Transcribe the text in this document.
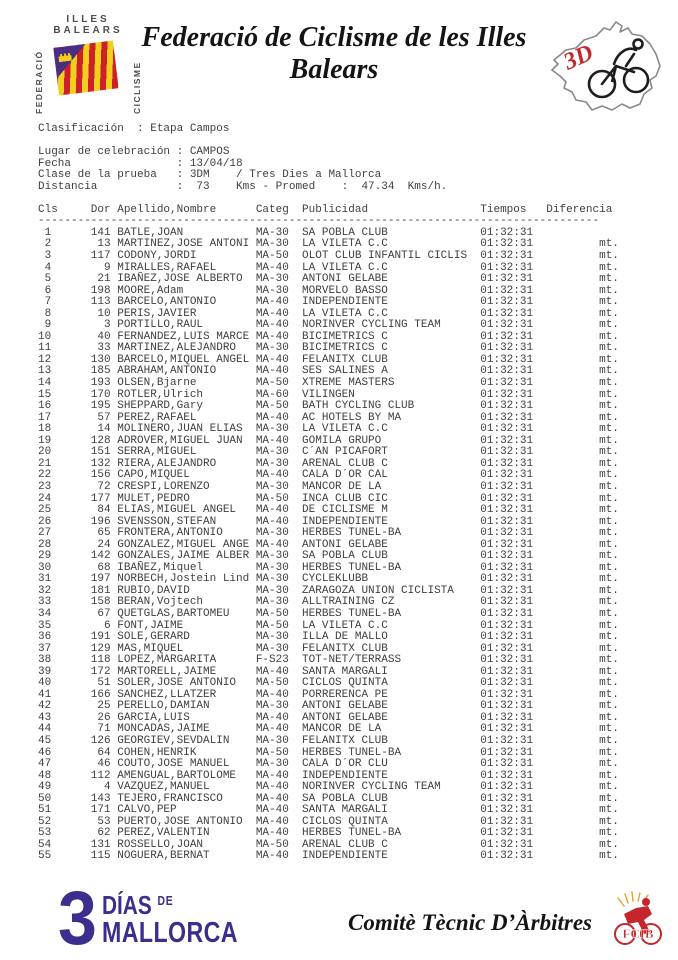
ILLES
BALEARS
FEDERACIÓ	CICLISME
Federació de Ciclisme de les Illes
Balears	3D
Clasificación  : Etapa Campos

Lugar de celebración : CAMPOS
Fecha                : 13/04/18
Clase de la prueba   : 3DM    / Tres Dies a Mallorca
Distancia            :  73    Kms - Promed    :  47.34  Kms/h.

Cls     Dor Apellido,Nombre      Categ  Publicidad                 Tiempos   Diferencia
-------------------------------------------------------------------------------------
1      141 BATLE,JOAN           MA-30  SA POBLA CLUB              01:32:31
2       13 MARTINEZ,JOSE ANTONI MA-30  LA VILETA C.C              01:32:31          mt.
3      117 CODONY,JORDI         MA-50  OLOT CLUB INFANTIL CICLIS  01:32:31          mt.
4        9 MIRALLES,RAFAEL      MA-40  LA VILETA C.C              01:32:31          mt.
5       21 IBAÑEZ,JOSE ALBERTO  MA-30  ANTONI GELABE              01:32:31          mt.
6      198 MOORE,Adam           MA-30  MORVELO BASSO              01:32:31          mt.
7      113 BARCELO,ANTONIO      MA-40  INDEPENDIENTE              01:32:31          mt.
8       10 PERIS,JAVIER         MA-40  LA VILETA C.C              01:32:31          mt.
9        3 PORTILLO,RAUL        MA-40  NORINVER CYCLING TEAM      01:32:31          mt.
10       40 FERNANDEZ,LUIS MARCE MA-40  BICIMETRICS C              01:32:31          mt.
11       33 MARTINEZ,ALEJANDRO   MA-30  BICIMETRICS C              01:32:31          mt.
12      130 BARCELO,MIQUEL ANGEL MA-40  FELANITX CLUB              01:32:31          mt.
13      185 ABRAHAM,ANTONIO      MA-40  SES SALINES A              01:32:31          mt.
14      193 OLSEN,Bjarne         MA-50  XTREME MASTERS             01:32:31          mt.
15      170 ROTLER,Ulrich        MA-60  VILINGEN                   01:32:31          mt.
16      195 SHEPPARD,Gary        MA-50  BATH CYCLING CLUB          01:32:31          mt.
17       57 PEREZ,RAFAEL         MA-40  AC HOTELS BY MA            01:32:31          mt.
18       14 MOLINERO,JUAN ELIAS  MA-30  LA VILETA C.C              01:32:31          mt.
19      128 ADROVER,MIGUEL JUAN  MA-40  GOMILA GRUPO               01:32:31          mt.
20      151 SERRA,MIGUEL         MA-30  C´AN PICAFORT              01:32:31          mt.
21      132 RIERA,ALEJANDRO      MA-30  ARENAL CLUB C              01:32:31          mt.
22      156 CAPO,MIQUEL          MA-40  CALA D´OR CAL              01:32:31          mt.
23       72 CRESPI,LORENZO       MA-30  MANCOR DE LA               01:32:31          mt.
24      177 MULET,PEDRO          MA-50  INCA CLUB CIC              01:32:31          mt.
25       84 ELIAS,MIGUEL ANGEL   MA-40  DE CICLISME M              01:32:31          mt.
26      196 SVENSSON,STEFAN      MA-40  INDEPENDIENTE              01:32:31          mt.
27       65 FRONTERA,ANTONIO     MA-30  HERBES TUNEL-BA            01:32:31          mt.
28       24 GONZALEZ,MIGUEL ANGE MA-40  ANTONI GELABE              01:32:31          mt.
29      142 GONZALES,JAIME ALBER MA-30  SA POBLA CLUB              01:32:31          mt.
30       68 IBAÑEZ,Miquel        MA-30  HERBES TUNEL-BA            01:32:31          mt.
31      197 NORBECH,Jostein Lind MA-30  CYCLEKLUBB                 01:32:31          mt.
32      181 RUBIO,DAVID          MA-30  ZARAGOZA UNION CICLISTA    01:32:31          mt.
33      158 BERAN,Vojtech        MA-30  ALLTRAINING CZ             01:32:31          mt.
34       67 QUETGLAS,BARTOMEU    MA-50  HERBES TUNEL-BA            01:32:31          mt.
35        6 FONT,JAIME           MA-50  LA VILETA C.C              01:32:31          mt.
36      191 SOLE,GERARD          MA-30  ILLA DE MALLO              01:32:31          mt.
37      129 MAS,MIQUEL           MA-30  FELANITX CLUB              01:32:31          mt.
38      118 LOPEZ,MARGARITA      F-S23  TOT-NET/TERRASS            01:32:31          mt.
39      172 MARTORELL,JAIME      MA-40  SANTA MARGALI              01:32:31          mt.
40       51 SOLER,JOSE ANTONIO   MA-50  CICLOS QUINTA              01:32:31          mt.
41      166 SANCHEZ,LLATZER      MA-40  PORRERENCA PE              01:32:31          mt.
42       25 PERELLO,DAMIAN       MA-30  ANTONI GELABE              01:32:31          mt.
43       26 GARCIA,LUIS          MA-40  ANTONI GELABE              01:32:31          mt.
44       71 MONCADAS,JAIME       MA-40  MANCOR DE LA               01:32:31          mt.
45      126 GEORGIEV,SEVDALIN    MA-30  FELANITX CLUB              01:32:31          mt.
46       64 COHEN,HENRIK         MA-50  HERBES TUNEL-BA            01:32:31          mt.
47       46 COUTO,JOSE MANUEL    MA-30  CALA D´OR CLU              01:32:31          mt.
48      112 AMENGUAL,BARTOLOME   MA-40  INDEPENDIENTE              01:32:31          mt.
49        4 VAZQUEZ,MANUEL       MA-40  NORINVER CYCLING TEAM      01:32:31          mt.
50      143 TEJERO,FRANCISCO     MA-40  SA POBLA CLUB              01:32:31          mt.
51      171 CALVO,PEP            MA-40  SANTA MARGALI              01:32:31          mt.
52       53 PUERTO,JOSE ANTONIO  MA-40  CICLOS QUINTA              01:32:31          mt.
53       62 PEREZ,VALENTIN       MA-40  HERBES TUNEL-BA            01:32:31          mt.
54      131 ROSSELLO,JOAN        MA-50  ARENAL CLUB C              01:32:31          mt.
55      115 NOGUERA,BERNAT       MA-40  INDEPENDIENTE              01:32:31          mt.
3 DÍAS $^{DE}$
MALLORCA	Comitè Tècnic D’Àrbitres	FCIB
